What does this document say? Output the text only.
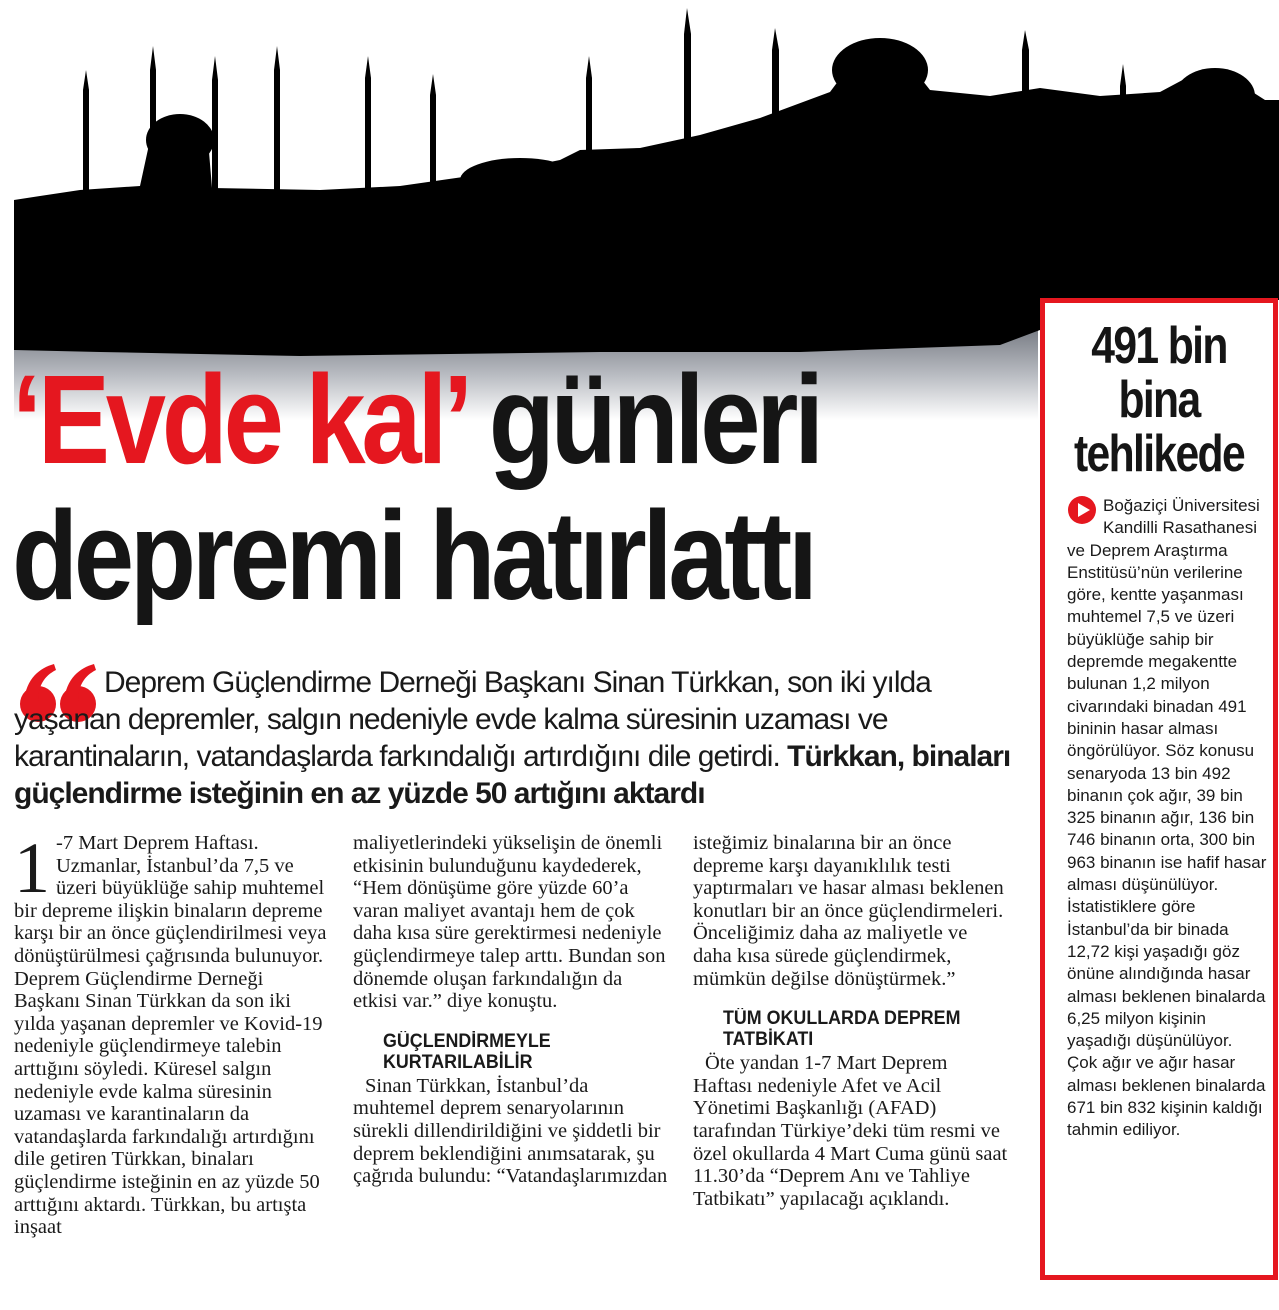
‘Evde kal’ günleri
depremi hatırlattı

Deprem Güçlendirme Derneği Başkanı Sinan Türkkan, son iki yılda yaşanan depremler, salgın nedeniyle evde kalma süresinin uzaması ve karantinaların, vatandaşlarda farkındalığı artırdığını dile getirdi. Türkkan, binaları güçlendirme isteğinin en az yüzde 50 artığını aktardı

1 -7 Mart Deprem Haftası. Uzmanlar, İstanbul’da 7,5 ve üzeri büyüklüğe sahip muhtemel bir depreme ilişkin binaların depreme karşı bir an önce güçlendirilmesi veya dönüştürülmesi çağrısında bulunuyor. Deprem Güçlendirme Derneği Başkanı Sinan Türkkan da son iki yılda yaşanan depremler ve Kovid-19 nedeniyle güçlendirmeye talebin arttığını söyledi. Küresel salgın nedeniyle evde kalma süresinin uzaması ve karantinaların da vatandaşlarda farkındalığı artırdığını dile getiren Türkkan, binaları güçlendirme isteğinin en az yüzde 50 arttığını aktardı. Türkkan, bu artışta inşaat

maliyetlerindeki yükselişin de önemli etkisinin bulunduğunu kaydederek, “Hem dönüşüme göre yüzde 60’a varan maliyet avantajı hem de çok daha kısa süre gerektirmesi nedeniyle güçlendirmeye talep arttı. Bundan son dönemde oluşan farkındalığın da etkisi var.” diye konuştu.

GÜÇLENDİRMEYLE KURTARILABİLİR

Sinan Türkkan, İstanbul’da muhtemel deprem senaryolarının sürekli dillendirildiğini ve şiddetli bir deprem beklendiğini anımsatarak, şu çağrıda bulundu: “Vatandaşlarımızdan

isteğimiz binalarına bir an önce depreme karşı dayanıklılık testi yaptırmaları ve hasar alması beklenen konutları bir an önce güçlendirmeleri. Önceliğimiz daha az maliyetle ve daha kısa sürede güçlendirmek, mümkün değilse dönüştürmek.”

TÜM OKULLARDA DEPREM TATBİKATI

Öte yandan 1-7 Mart Deprem Haftası nedeniyle Afet ve Acil Yönetimi Başkanlığı (AFAD) tarafından Türkiye’deki tüm resmi ve özel okullarda 4 Mart Cuma günü saat 11.30’da “Deprem Anı ve Tahliye Tatbikatı” yapılacağı açıklandı.

491 bin
bina
tehlikede
Boğaziçi Üniversitesi Kandilli Rasathanesi ve Deprem Araştırma Enstitüsü’nün verilerine göre, kentte yaşanması muhtemel 7,5 ve üzeri büyüklüğe sahip bir depremde megakentte bulunan 1,2 milyon civarındaki binadan 491 bininin hasar alması öngörülüyor. Söz konusu senaryoda 13 bin 492 binanın çok ağır, 39 bin 325 binanın ağır, 136 bin 746 binanın orta, 300 bin 963 binanın ise hafif hasar alması düşünülüyor. İstatistiklere göre İstanbul’da bir binada 12,72 kişi yaşadığı göz önüne alındığında hasar alması beklenen binalarda 6,25 milyon kişinin yaşadığı düşünülüyor. Çok ağır ve ağır hasar alması beklenen binalarda 671 bin 832 kişinin kaldığı tahmin ediliyor.
